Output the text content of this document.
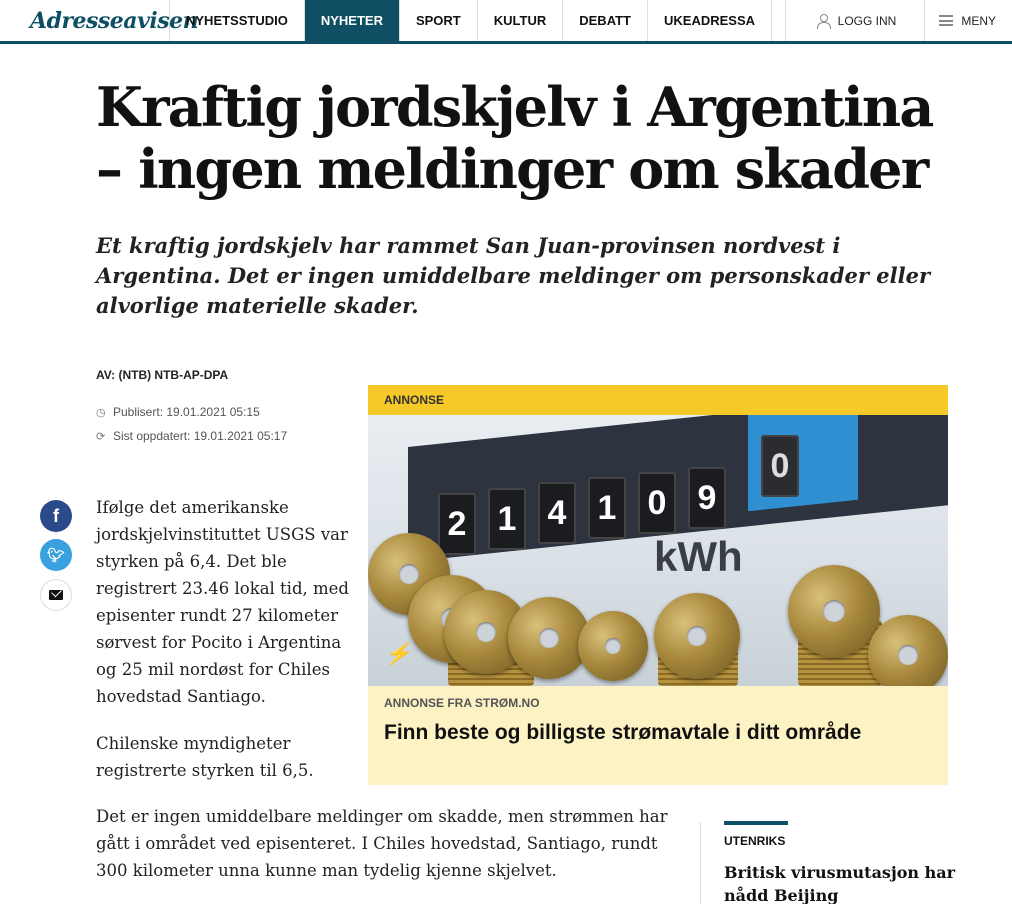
Adresseavisen
NYHETSSTUDIO	NYHETER	SPORT	KULTUR	DEBATT	UKEADRESSA	LOGG INN	MENY
Kraftig jordskjelv i Argentina – ingen meldinger om skader

Et kraftig jordskjelv har rammet San Juan-provinsen nordvest i Argentina. Det er ingen umiddelbare meldinger om personskader eller alvorlige materielle skader.

AV: (NTB) NTB-AP-DPA
◷ Publisert: 19.01.2021 05:15
⟳ Sist oppdatert: 19.01.2021 05:17
f
🐦︎

Ifølge det amerikanske jordskjelvinstituttet USGS var styrken på 6,4. Det ble registrert 23.46 lokal tid, med episenter rundt 27 kilometer sørvest for Pocito i Argentina og 25 mil nordøst for Chiles hovedstad Santiago.

Chilenske myndigheter registrerte styrken til 6,5.

Det er ingen umiddelbare meldinger om skadde, men strømmen har gått i området ved episenteret. I Chiles hovedstad, Santiago, rundt 300 kilometer unna kunne man tydelig kjenne skjelvet.

ANNONSE
2 1 4 1 0 9
0
kWh
⚡
ANNONSE FRA STRØM.NO
Finn beste og billigste strømavtale i ditt område
UTENRIKS
Britisk virusmutasjon har nådd Beijing
